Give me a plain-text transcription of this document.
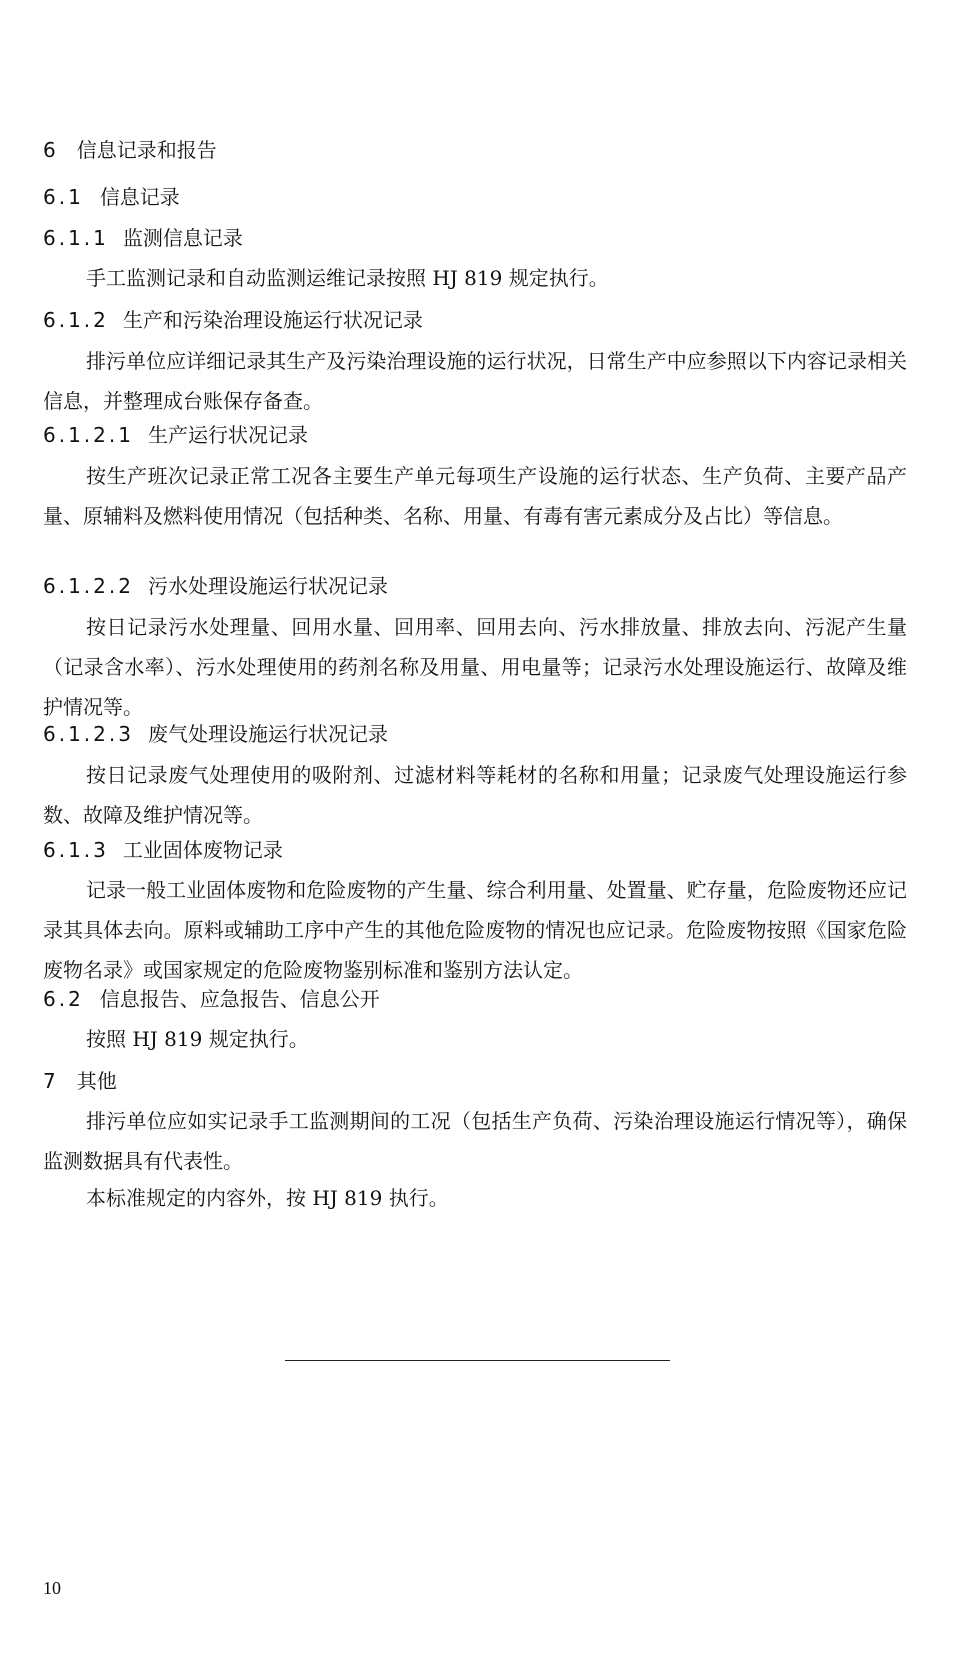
6 信息记录和报告
6.1 信息记录
6.1.1 监测信息记录
手工监测记录和自动监测运维记录按照 HJ 819 规定执行。
6.1.2 生产和污染治理设施运行状况记录
排污单位应详细记录其生产及污染治理设施的运行状况，日常生产中应参照以下内容记录相关信息，并整理成台账保存备查。
6.1.2.1 生产运行状况记录
按生产班次记录正常工况各主要生产单元每项生产设施的运行状态、生产负荷、主要产品产量、原辅料及燃料使用情况（包括种类、名称、用量、有毒有害元素成分及占比）等信息。
6.1.2.2 污水处理设施运行状况记录
按日记录污水处理量、回用水量、回用率、回用去向、污水排放量、排放去向、污泥产生量（记录含水率）、污水处理使用的药剂名称及用量、用电量等；记录污水处理设施运行、故障及维护情况等。
6.1.2.3 废气处理设施运行状况记录
按日记录废气处理使用的吸附剂、过滤材料等耗材的名称和用量；记录废气处理设施运行参数、故障及维护情况等。
6.1.3 工业固体废物记录
记录一般工业固体废物和危险废物的产生量、综合利用量、处置量、贮存量，危险废物还应记录其具体去向。原料或辅助工序中产生的其他危险废物的情况也应记录。危险废物按照《国家危险废物名录》或国家规定的危险废物鉴别标准和鉴别方法认定。
6.2 信息报告、应急报告、信息公开
按照 HJ 819 规定执行。
7 其他
排污单位应如实记录手工监测期间的工况（包括生产负荷、污染治理设施运行情况等），确保监测数据具有代表性。
本标准规定的内容外，按 HJ 819 执行。
10
